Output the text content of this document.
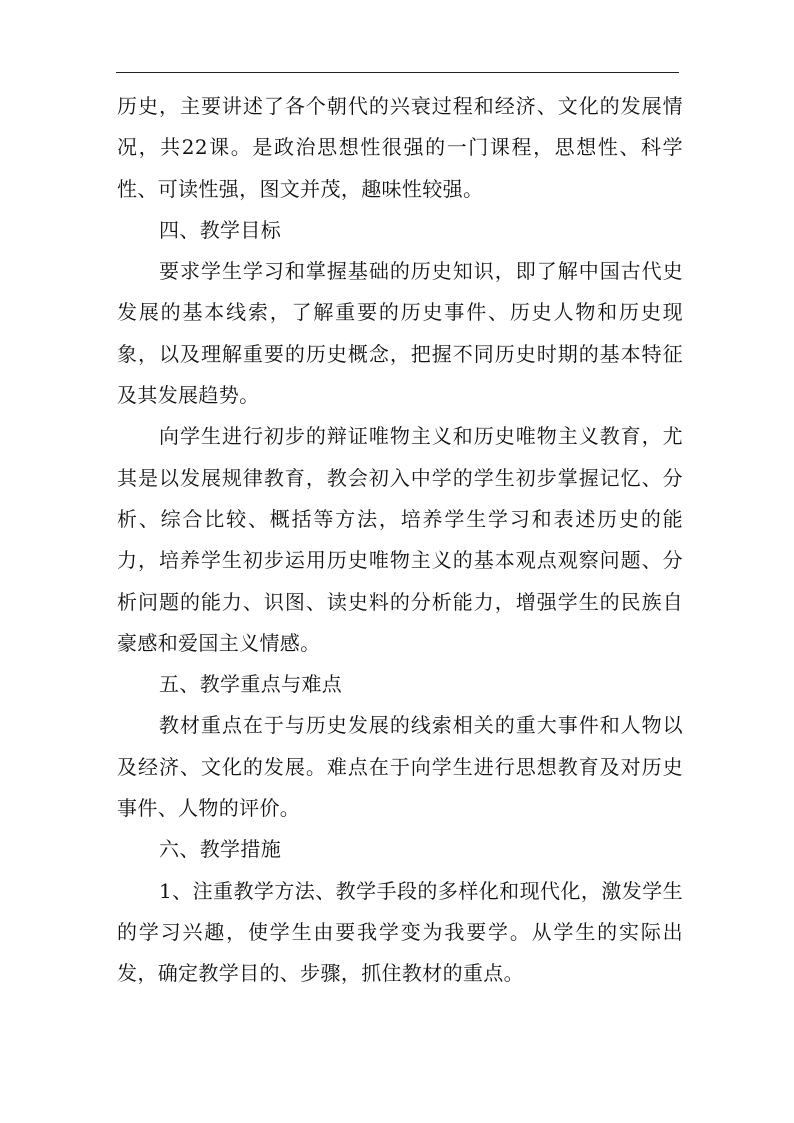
历史，主要讲述了各个朝代的兴衰过程和经济、文化的发展情况，共22课。是政治思想性很强的一门课程，思想性、科学性、可读性强，图文并茂，趣味性较强。

四、教学目标

要求学生学习和掌握基础的历史知识，即了解中国古代史发展的基本线索，了解重要的历史事件、历史人物和历史现象，以及理解重要的历史概念，把握不同历史时期的基本特征及其发展趋势。

向学生进行初步的辩证唯物主义和历史唯物主义教育，尤其是以发展规律教育，教会初入中学的学生初步掌握记忆、分析、综合比较、概括等方法，培养学生学习和表述历史的能力，培养学生初步运用历史唯物主义的基本观点观察问题、分析问题的能力、识图、读史料的分析能力，增强学生的民族自豪感和爱国主义情感。

五、教学重点与难点

教材重点在于与历史发展的线索相关的重大事件和人物以及经济、文化的发展。难点在于向学生进行思想教育及对历史事件、人物的评价。

六、教学措施

1、注重教学方法、教学手段的多样化和现代化，激发学生的学习兴趣，使学生由要我学变为我要学。从学生的实际出发，确定教学目的、步骤，抓住教材的重点。
